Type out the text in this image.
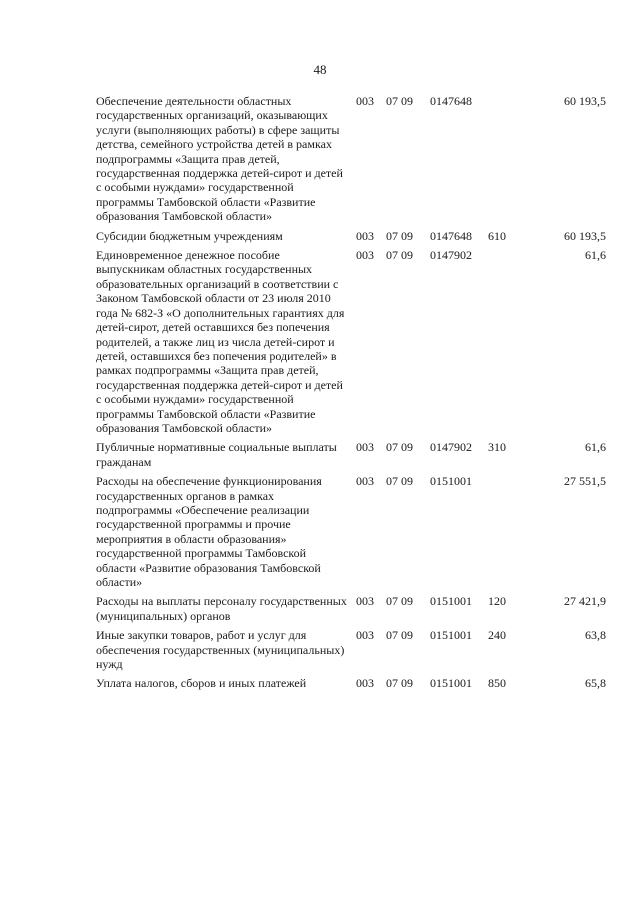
48
Обеспечение деятельности областных государственных организаций, оказывающих услуги (выполняющих работы) в сфере защиты детства, семейного устройства детей в рамках подпрограммы «Защита прав детей, государственная поддержка детей-сирот и детей с особыми нуждами» государственной программы Тамбовской области «Развитие образования Тамбовской области»	003	07 09	0147648		60 193,5
Субсидии бюджетным учреждениям	003	07 09	0147648	610	60 193,5
Единовременное денежное пособие выпускникам областных государственных образовательных организаций в соответствии с Законом Тамбовской области от 23 июля 2010 года № 682-З «О дополнительных гарантиях для детей-сирот, детей оставшихся без попечения родителей, а также лиц из числа детей-сирот и детей, оставшихся без попечения родителей» в рамках подпрограммы «Защита прав детей, государственная поддержка детей-сирот и детей с особыми нуждами» государственной программы Тамбовской области «Развитие образования Тамбовской области»	003	07 09	0147902		61,6
Публичные нормативные социальные выплаты гражданам	003	07 09	0147902	310	61,6
Расходы на обеспечение функционирования государственных органов в рамках подпрограммы «Обеспечение реализации государственной программы и прочие мероприятия в области образования» государственной программы Тамбовской области «Развитие образования Тамбовской области»	003	07 09	0151001		27 551,5
Расходы на выплаты персоналу государственных (муниципальных) органов	003	07 09	0151001	120	27 421,9
Иные закупки товаров, работ и услуг для обеспечения государственных (муниципальных) нужд	003	07 09	0151001	240	63,8
Уплата налогов, сборов и иных платежей	003	07 09	0151001	850	65,8
